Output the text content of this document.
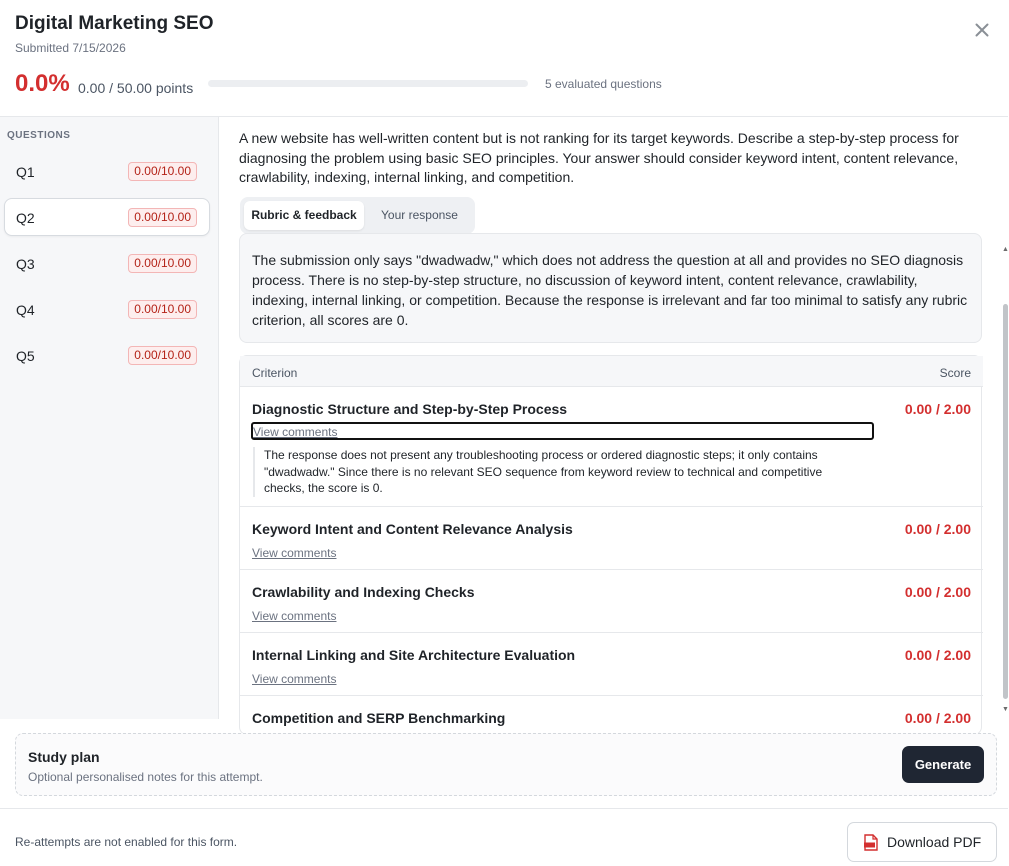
Digital Marketing SEO
Submitted 7/15/2026
0.0% 0.00 / 50.00 points	5 evaluated questions
QUESTIONS
Q1	0.00/10.00
Q2	0.00/10.00
Q3	0.00/10.00
Q4	0.00/10.00
Q5	0.00/10.00
A new website has well-written content but is not ranking for its target keywords. Describe a step-by-step process for diagnosing the problem using basic SEO principles. Your answer should consider keyword intent, content relevance, crawlability, indexing, internal linking, and competition.
Rubric & feedback	Your response
The submission only says "dwadwadw," which does not address the question at all and provides no SEO diagnosis process. There is no step-by-step structure, no discussion of keyword intent, content relevance, crawlability, indexing, internal linking, or competition. Because the response is irrelevant and far too minimal to satisfy any rubric criterion, all scores are 0.
Criterion	Score
Diagnostic Structure and Step-by-Step Process	0.00 / 2.00
View comments
The response does not present any troubleshooting process or ordered diagnostic steps; it only contains "dwadwadw." Since there is no relevant SEO sequence from keyword review to technical and competitive checks, the score is 0.
Keyword Intent and Content Relevance Analysis	0.00 / 2.00
View comments
Crawlability and Indexing Checks	0.00 / 2.00
View comments
Internal Linking and Site Architecture Evaluation	0.00 / 2.00
View comments
Competition and SERP Benchmarking	0.00 / 2.00
▲
▼
Study plan
Optional personalised notes for this attempt.
Generate
Re-attempts are not enabled for this form.	Download PDF
